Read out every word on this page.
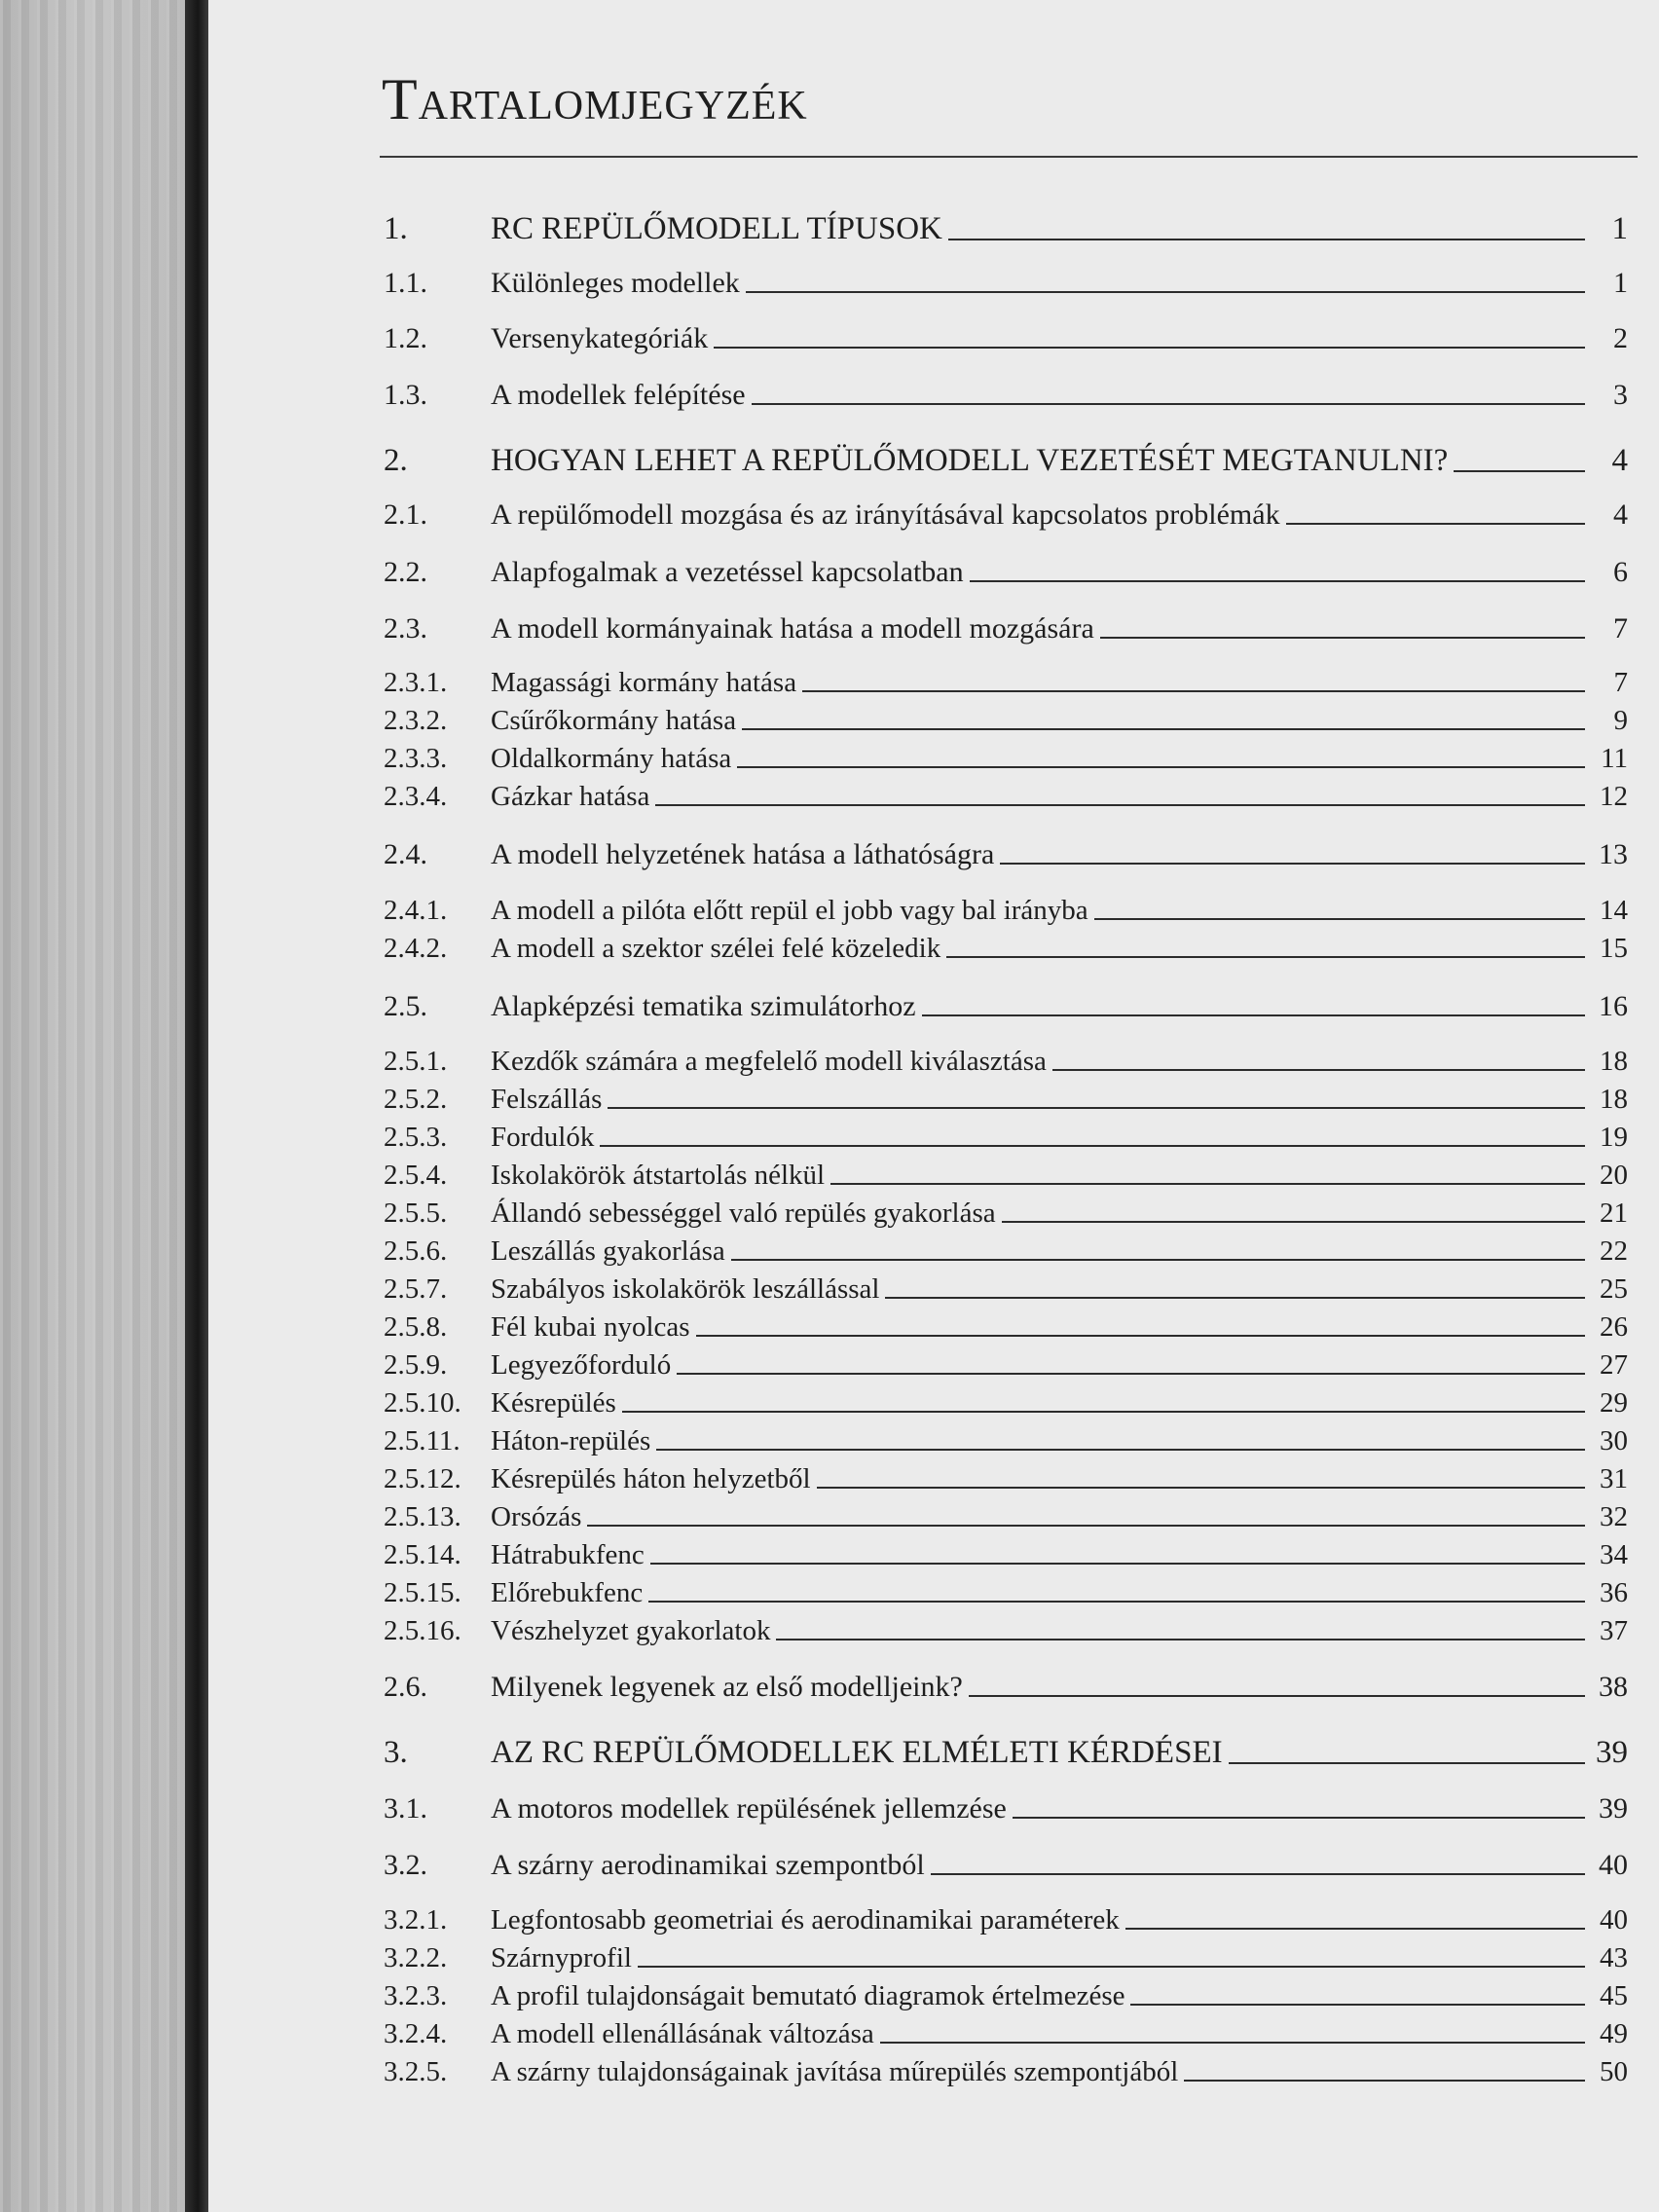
Tartalomjegyzék
1.	RC REPÜLŐMODELL TÍPUSOK	1
1.1.	Különleges modellek	1
1.2.	Versenykategóriák	2
1.3.	A modellek felépítése	3
2.	HOGYAN LEHET A REPÜLŐMODELL VEZETÉSÉT MEGTANULNI?	4
2.1.	A repülőmodell mozgása és az irányításával kapcsolatos problémák	4
2.2.	Alapfogalmak a vezetéssel kapcsolatban	6
2.3.	A modell kormányainak hatása a modell mozgására	7
2.3.1.	Magassági kormány hatása	7
2.3.2.	Csűrőkormány hatása	9
2.3.3.	Oldalkormány hatása	11
2.3.4.	Gázkar hatása	12
2.4.	A modell helyzetének hatása a láthatóságra	13
2.4.1.	A modell a pilóta előtt repül el jobb vagy bal irányba	14
2.4.2.	A modell a szektor szélei felé közeledik	15
2.5.	Alapképzési tematika szimulátorhoz	16
2.5.1.	Kezdők számára a megfelelő modell kiválasztása	18
2.5.2.	Felszállás	18
2.5.3.	Fordulók	19
2.5.4.	Iskolakörök átstartolás nélkül	20
2.5.5.	Állandó sebességgel való repülés gyakorlása	21
2.5.6.	Leszállás gyakorlása	22
2.5.7.	Szabályos iskolakörök leszállással	25
2.5.8.	Fél kubai nyolcas	26
2.5.9.	Legyezőforduló	27
2.5.10.	Késrepülés	29
2.5.11.	Háton-repülés	30
2.5.12.	Késrepülés háton helyzetből	31
2.5.13.	Orsózás	32
2.5.14.	Hátrabukfenc	34
2.5.15.	Előrebukfenc	36
2.5.16.	Vészhelyzet gyakorlatok	37
2.6.	Milyenek legyenek az első modelljeink?	38
3.	AZ RC REPÜLŐMODELLEK ELMÉLETI KÉRDÉSEI	39
3.1.	A motoros modellek repülésének jellemzése	39
3.2.	A szárny aerodinamikai szempontból	40
3.2.1.	Legfontosabb geometriai és aerodinamikai paraméterek	40
3.2.2.	Szárnyprofil	43
3.2.3.	A profil tulajdonságait bemutató diagramok értelmezése	45
3.2.4.	A modell ellenállásának változása	49
3.2.5.	A szárny tulajdonságainak javítása műrepülés szempontjából	50
